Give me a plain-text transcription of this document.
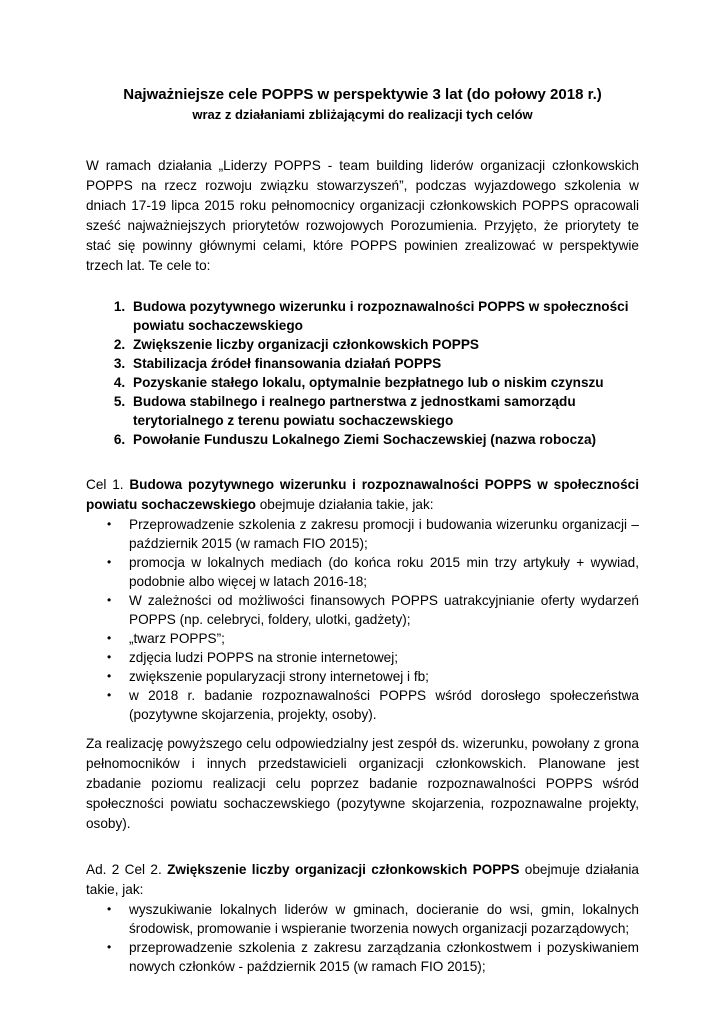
Najważniejsze cele POPPS w perspektywie 3 lat (do połowy 2018 r.)
wraz z działaniami zbliżającymi do realizacji tych celów

W ramach działania „Liderzy POPPS - team building liderów organizacji członkowskich POPPS na rzecz rozwoju związku stowarzyszeń”, podczas wyjazdowego szkolenia w dniach 17-19 lipca 2015 roku pełnomocnicy organizacji członkowskich POPPS opracowali sześć najważniejszych priorytetów rozwojowych Porozumienia. Przyjęto, że priorytety te stać się powinny głównymi celami, które POPPS powinien zrealizować w perspektywie trzech lat. Te cele to:

1. Budowa pozytywnego wizerunku i rozpoznawalności POPPS w społeczności powiatu sochaczewskiego
2. Zwiększenie liczby organizacji członkowskich POPPS
3. Stabilizacja źródeł finansowania działań POPPS
4. Pozyskanie stałego lokalu, optymalnie bezpłatnego lub o niskim czynszu
5. Budowa stabilnego i realnego partnerstwa z jednostkami samorządu terytorialnego z terenu powiatu sochaczewskiego
6. Powołanie Funduszu Lokalnego Ziemi Sochaczewskiej (nazwa robocza)

Cel 1. Budowa pozytywnego wizerunku i rozpoznawalności POPPS w społeczności powiatu sochaczewskiego obejmuje działania takie, jak:

• Przeprowadzenie szkolenia z zakresu promocji i budowania wizerunku organizacji – październik 2015 (w ramach FIO 2015);
• promocja w lokalnych mediach (do końca roku 2015 min trzy artykuły + wywiad, podobnie albo więcej w latach 2016-18;
• W zależności od możliwości finansowych POPPS uatrakcyjnianie oferty wydarzeń POPPS (np. celebryci, foldery, ulotki, gadżety);
• „twarz POPPS”;
• zdjęcia ludzi POPPS na stronie internetowej;
• zwiększenie popularyzacji strony internetowej i fb;
• w 2018 r. badanie rozpoznawalności POPPS wśród dorosłego społeczeństwa (pozytywne skojarzenia, projekty, osoby).

Za realizację powyższego celu odpowiedzialny jest zespół ds. wizerunku, powołany z grona pełnomocników i innych przedstawicieli organizacji członkowskich. Planowane jest zbadanie poziomu realizacji celu poprzez badanie rozpoznawalności POPPS wśród społeczności powiatu sochaczewskiego (pozytywne skojarzenia, rozpoznawalne projekty, osoby).

Ad. 2 Cel 2. Zwiększenie liczby organizacji członkowskich POPPS obejmuje działania takie, jak:

• wyszukiwanie lokalnych liderów w gminach, docieranie do wsi, gmin, lokalnych środowisk, promowanie i wspieranie tworzenia nowych organizacji pozarządowych;
• przeprowadzenie szkolenia z zakresu zarządzania członkostwem i pozyskiwaniem nowych członków - październik 2015 (w ramach FIO 2015);
